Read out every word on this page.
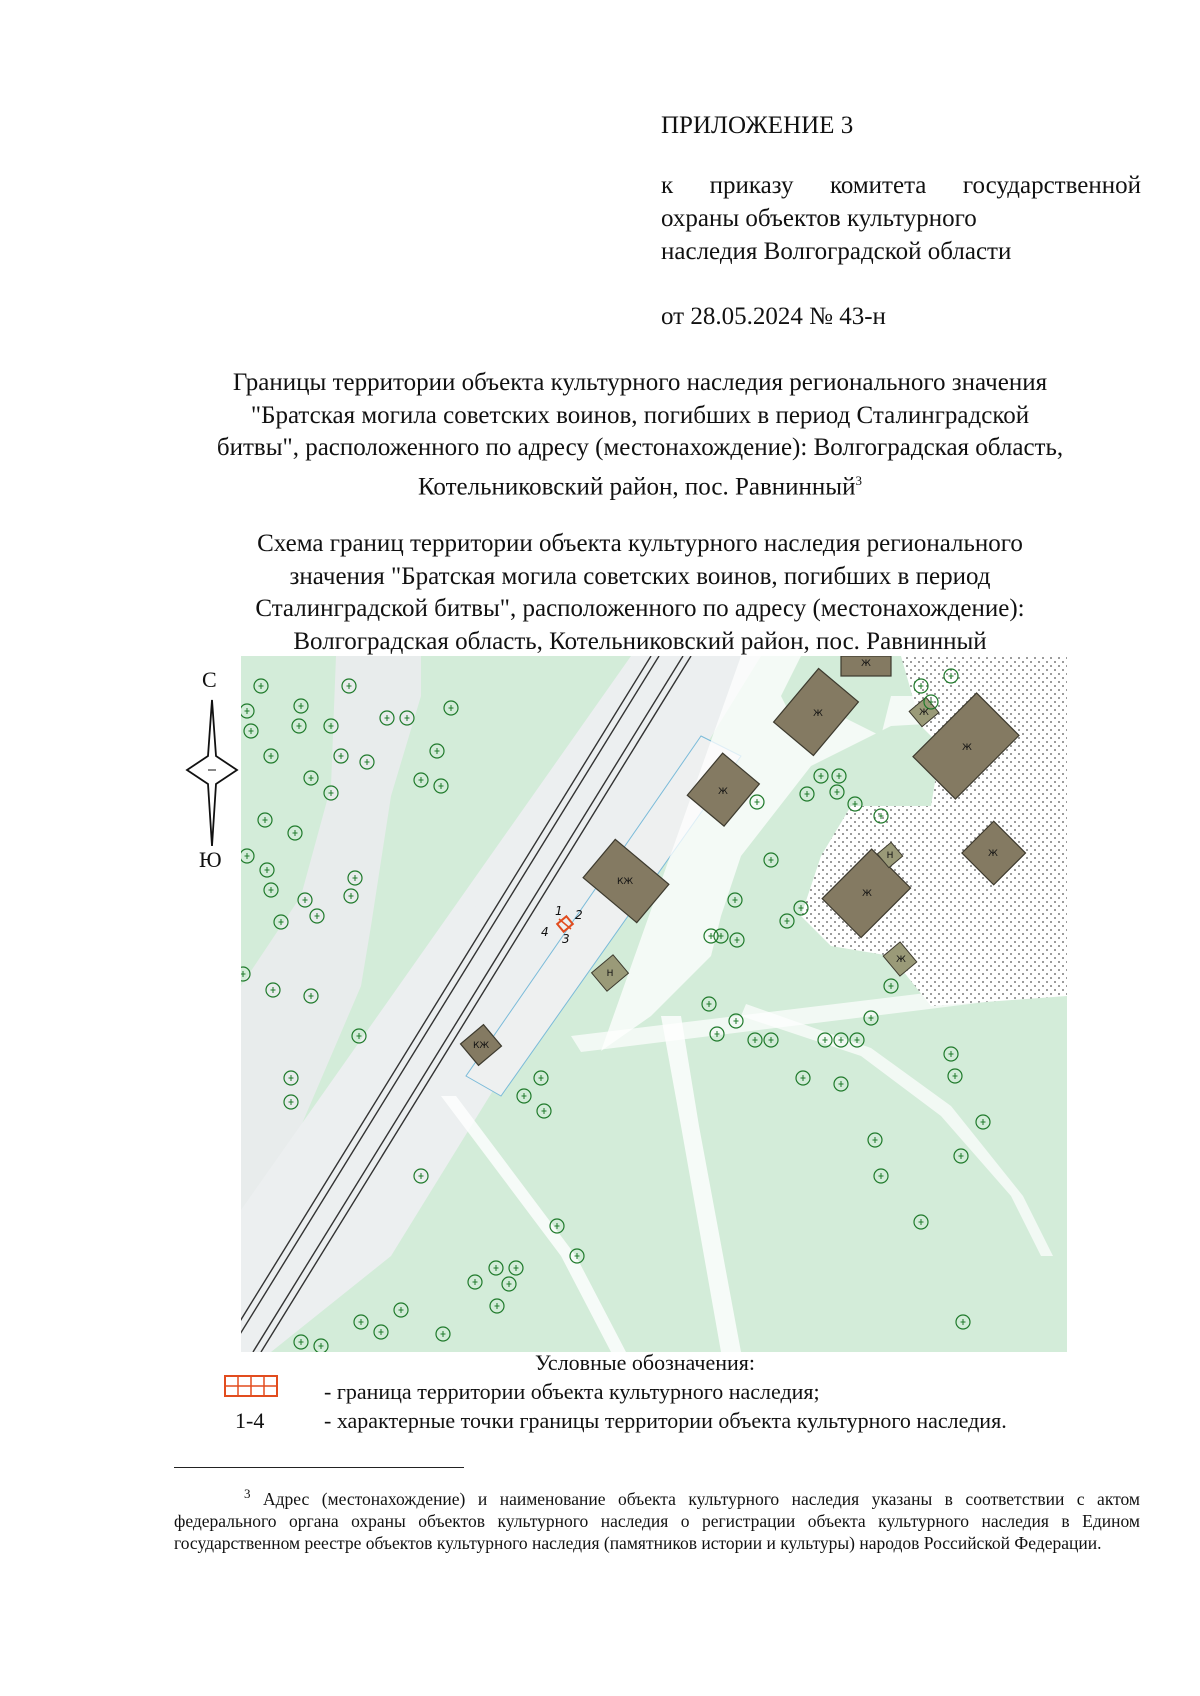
ПРИЛОЖЕНИЕ 3
к приказу комитета государственной
охраны объектов культурного
наследия Волгоградской области
от 28.05.2024 № 43-н

Границы территории объекта культурного наследия регионального значения

"Братская могила советских воинов, погибших в период Сталинградской

битвы", расположенного по адресу (местонахождение): Волгоградская область,

Котельниковский район, пос. Равнинный$^3$

Схема границ территории объекта культурного наследия регионального

значения "Братская могила советских воинов, погибших в период

Сталинградской битвы", расположенного по адресу (местонахождение):

Волгоградская область, Котельниковский район, пос. Равнинный

С
Ю
Ж
Ж
КЖ
КЖ
Ж
Ж
Ж
Ж
Ж
Н
Ж
Н
1 2
3
4
Условные обозначения:
- граница территории объекта культурного наследия;
1-4	- характерные точки границы территории объекта культурного наследия.
$^3$ Адрес (местонахождение) и наименование объекта культурного наследия указаны в соответствии с актом федерального органа охраны объектов культурного наследия о регистрации объекта культурного наследия в Едином государственном реестре объектов культурного наследия (памятников истории и культуры) народов Российской Федерации.
